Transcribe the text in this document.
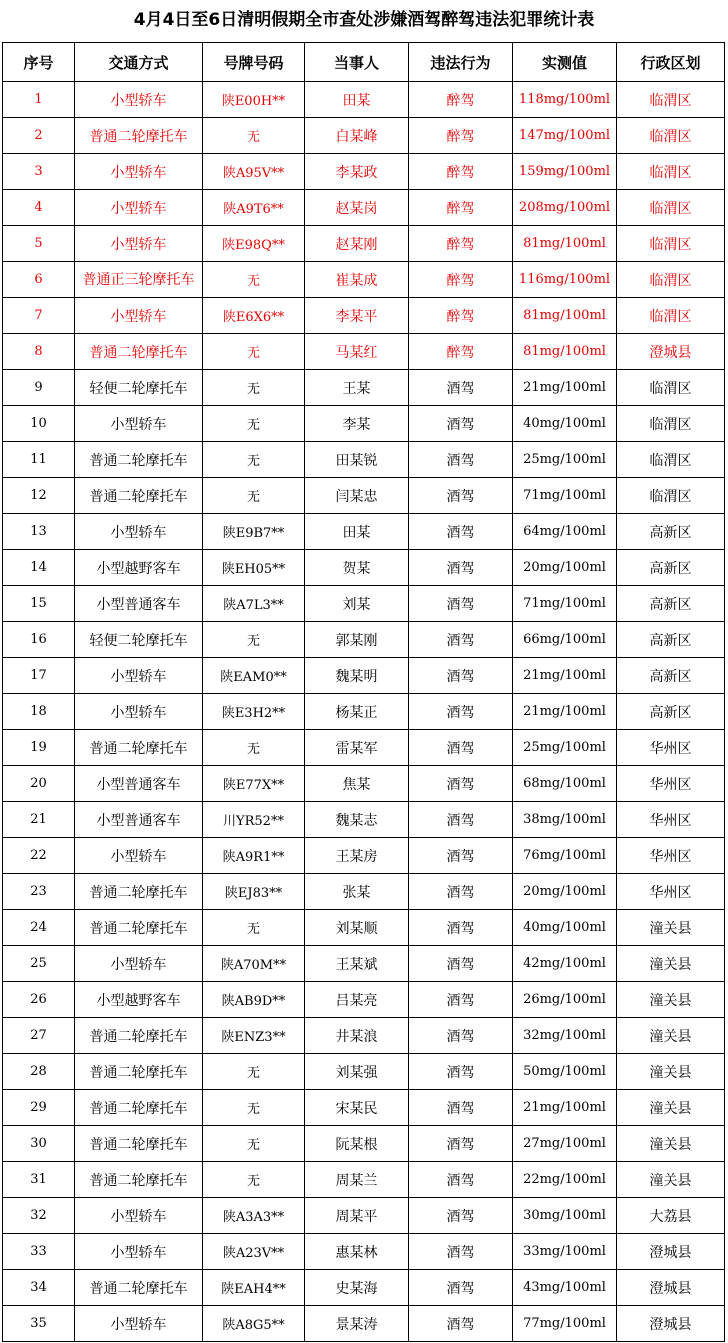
4月4日至6日清明假期全市查处涉嫌酒驾醉驾违法犯罪统计表
序号	交通方式	号牌号码	当事人	违法行为	实测值	行政区划
1	小型轿车	陕E00H**	田某	醉驾	118mg/100ml	临渭区
2	普通二轮摩托车	无	白某峰	醉驾	147mg/100ml	临渭区
3	小型轿车	陕A95V**	李某政	醉驾	159mg/100ml	临渭区
4	小型轿车	陕A9T6**	赵某岗	醉驾	208mg/100ml	临渭区
5	小型轿车	陕E98Q**	赵某刚	醉驾	81mg/100ml	临渭区
6	普通正三轮摩托车	无	崔某成	醉驾	116mg/100ml	临渭区
7	小型轿车	陕E6X6**	李某平	醉驾	81mg/100ml	临渭区
8	普通二轮摩托车	无	马某红	醉驾	81mg/100ml	澄城县
9	轻便二轮摩托车	无	王某	酒驾	21mg/100ml	临渭区
10	小型轿车	无	李某	酒驾	40mg/100ml	临渭区
11	普通二轮摩托车	无	田某锐	酒驾	25mg/100ml	临渭区
12	普通二轮摩托车	无	闫某忠	酒驾	71mg/100ml	临渭区
13	小型轿车	陕E9B7**	田某	酒驾	64mg/100ml	高新区
14	小型越野客车	陕EH05**	贺某	酒驾	20mg/100ml	高新区
15	小型普通客车	陕A7L3**	刘某	酒驾	71mg/100ml	高新区
16	轻便二轮摩托车	无	郭某刚	酒驾	66mg/100ml	高新区
17	小型轿车	陕EAM0**	魏某明	酒驾	21mg/100ml	高新区
18	小型轿车	陕E3H2**	杨某正	酒驾	21mg/100ml	高新区
19	普通二轮摩托车	无	雷某军	酒驾	25mg/100ml	华州区
20	小型普通客车	陕E77X**	焦某	酒驾	68mg/100ml	华州区
21	小型普通客车	川YR52**	魏某志	酒驾	38mg/100ml	华州区
22	小型轿车	陕A9R1**	王某房	酒驾	76mg/100ml	华州区
23	普通二轮摩托车	陕EJ83**	张某	酒驾	20mg/100ml	华州区
24	普通二轮摩托车	无	刘某顺	酒驾	40mg/100ml	潼关县
25	小型轿车	陕A70M**	王某斌	酒驾	42mg/100ml	潼关县
26	小型越野客车	陕AB9D**	吕某亮	酒驾	26mg/100ml	潼关县
27	普通二轮摩托车	陕ENZ3**	井某浪	酒驾	32mg/100ml	潼关县
28	普通二轮摩托车	无	刘某强	酒驾	50mg/100ml	潼关县
29	普通二轮摩托车	无	宋某民	酒驾	21mg/100ml	潼关县
30	普通二轮摩托车	无	阮某根	酒驾	27mg/100ml	潼关县
31	普通二轮摩托车	无	周某兰	酒驾	22mg/100ml	潼关县
32	小型轿车	陕A3A3**	周某平	酒驾	30mg/100ml	大荔县
33	小型轿车	陕A23V**	惠某林	酒驾	33mg/100ml	澄城县
34	普通二轮摩托车	陕EAH4**	史某海	酒驾	43mg/100ml	澄城县
35	小型轿车	陕A8G5**	景某涛	酒驾	77mg/100ml	澄城县
